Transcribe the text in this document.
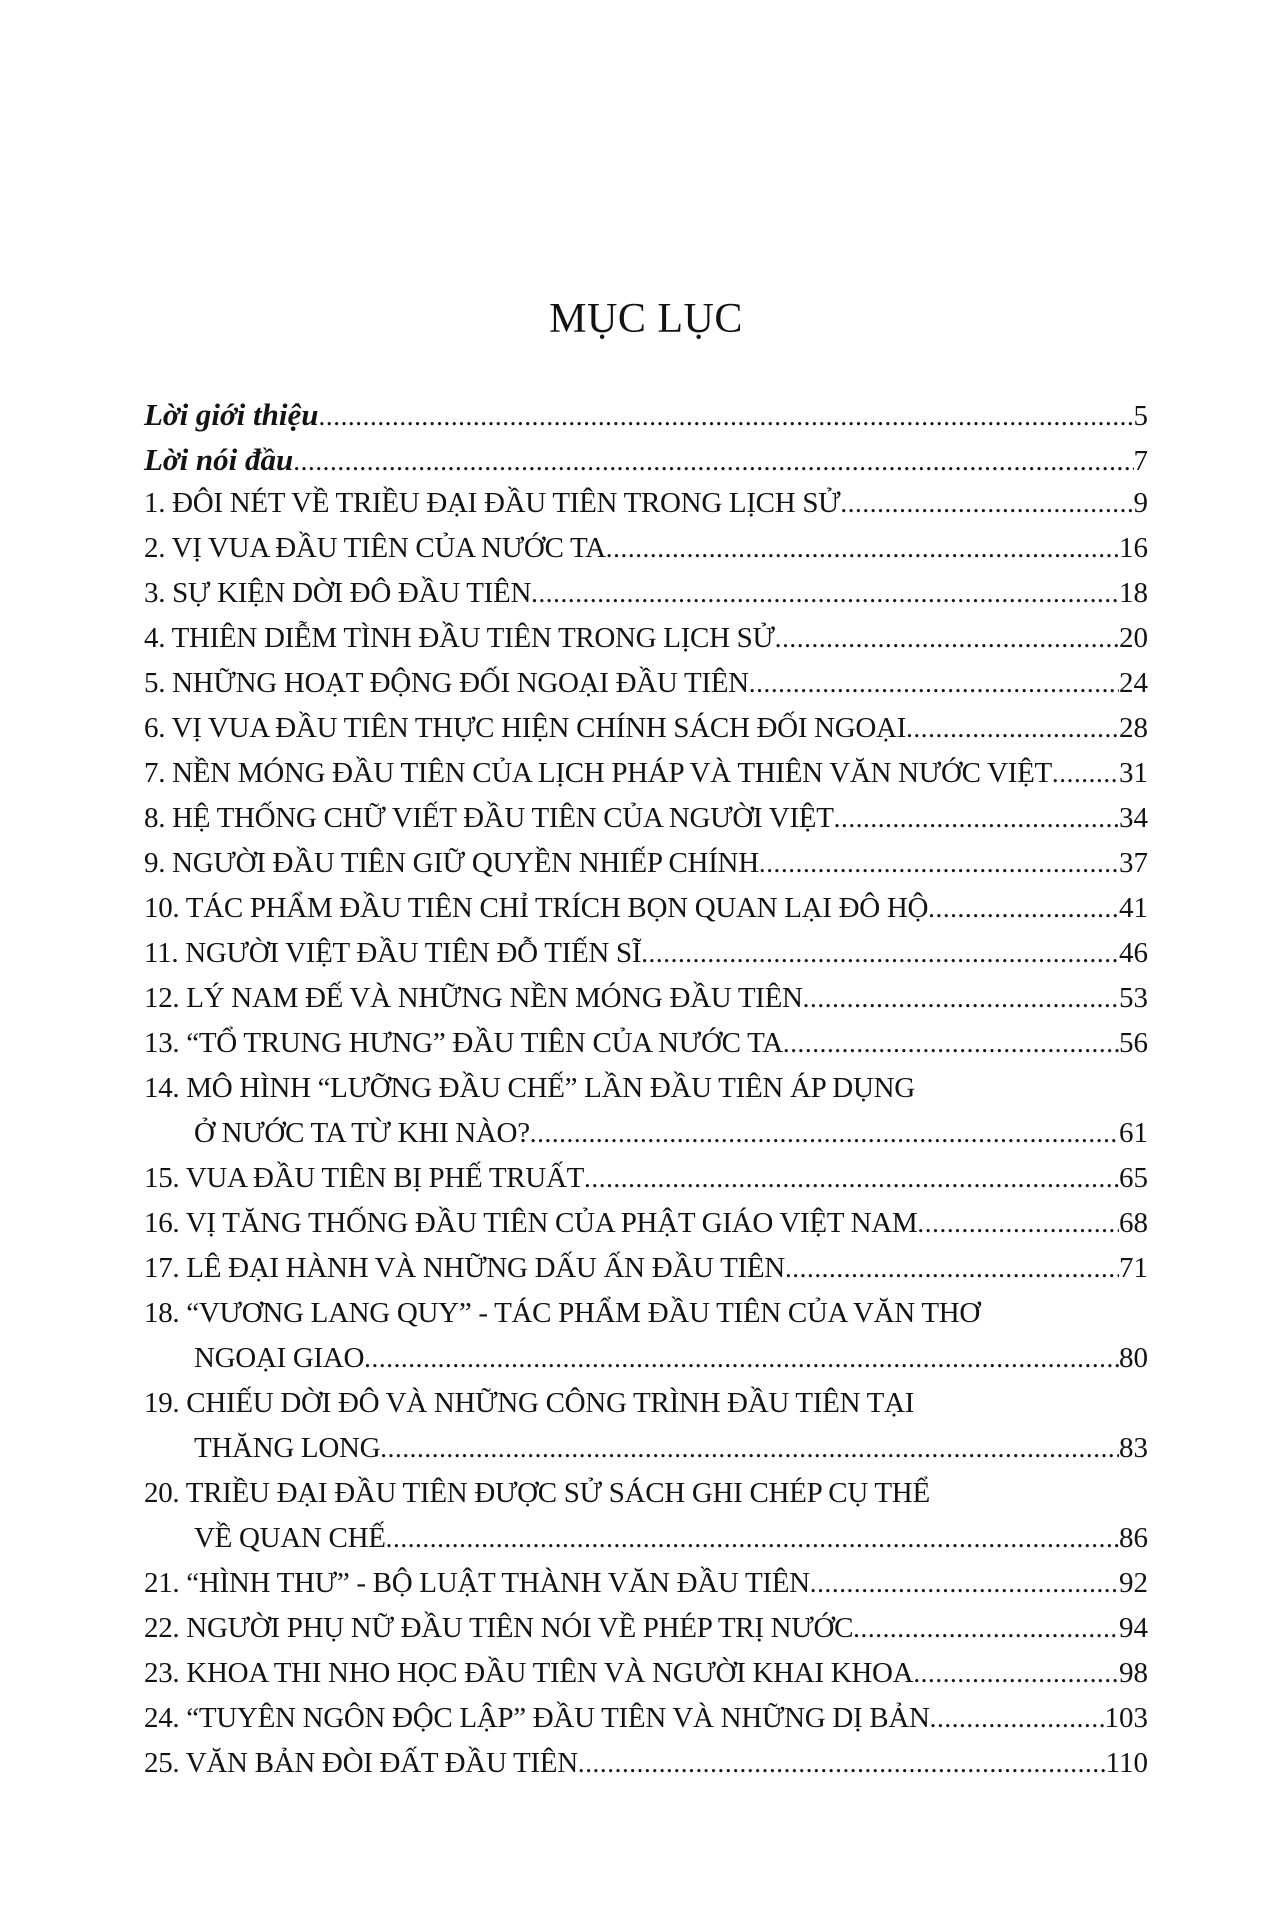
MỤC LỤC
Lời giới thiệu .....	5
Lời nói đầu .....	7
1. ĐÔI NÉT VỀ TRIỀU ĐẠI ĐẦU TIÊN TRONG LỊCH SỬ .....	9
2. VỊ VUA ĐẦU TIÊN CỦA NƯỚC TA .....	16
3. SỰ KIỆN DỜI ĐÔ ĐẦU TIÊN .....	18
4. THIÊN DIỄM TÌNH ĐẦU TIÊN TRONG LỊCH SỬ .....	20
5. NHỮNG HOẠT ĐỘNG ĐỐI NGOẠI ĐẦU TIÊN .....	24
6. VỊ VUA ĐẦU TIÊN THỰC HIỆN CHÍNH SÁCH ĐỐI NGOẠI .....	28
7. NỀN MÓNG ĐẦU TIÊN CỦA LỊCH PHÁP VÀ THIÊN VĂN NƯỚC VIỆT ..... 31
8. HỆ THỐNG CHỮ VIẾT ĐẦU TIÊN CỦA NGƯỜI VIỆT .....	34
9. NGƯỜI ĐẦU TIÊN GIỮ QUYỀN NHIẾP CHÍNH .....	37
10. TÁC PHẨM ĐẦU TIÊN CHỈ TRÍCH BỌN QUAN LẠI ĐÔ HỘ .....	41
11. NGƯỜI VIỆT ĐẦU TIÊN ĐỖ TIẾN SĨ .....	46
12. LÝ NAM ĐẾ VÀ NHỮNG NỀN MÓNG ĐẦU TIÊN .....	53
13. “TỔ TRUNG HƯNG” ĐẦU TIÊN CỦA NƯỚC TA .....	56
14. MÔ HÌNH “LƯỠNG ĐẦU CHẾ” LẦN ĐẦU TIÊN ÁP DỤNG
Ở NƯỚC TA TỪ KHI NÀO? .....	61
15. VUA ĐẦU TIÊN BỊ PHẾ TRUẤT .....	65
16. VỊ TĂNG THỐNG ĐẦU TIÊN CỦA PHẬT GIÁO VIỆT NAM .....	68
17. LÊ ĐẠI HÀNH VÀ NHỮNG DẤU ẤN ĐẦU TIÊN .....	71
18. “VƯƠNG LANG QUY” - TÁC PHẨM ĐẦU TIÊN CỦA VĂN THƠ
NGOẠI GIAO .....	80
19. CHIẾU DỜI ĐÔ VÀ NHỮNG CÔNG TRÌNH ĐẦU TIÊN TẠI
THĂNG LONG .....	83
20. TRIỀU ĐẠI ĐẦU TIÊN ĐƯỢC SỬ SÁCH GHI CHÉP CỤ THỂ
VỀ QUAN CHẾ .....	86
21. “HÌNH THƯ” - BỘ LUẬT THÀNH VĂN ĐẦU TIÊN .....	92
22. NGƯỜI PHỤ NỮ ĐẦU TIÊN NÓI VỀ PHÉP TRỊ NƯỚC .....	94
23. KHOA THI NHO HỌC ĐẦU TIÊN VÀ NGƯỜI KHAI KHOA .....	98
24. “TUYÊN NGÔN ĐỘC LẬP” ĐẦU TIÊN VÀ NHỮNG DỊ BẢN .....	103
25. VĂN BẢN ĐÒI ĐẤT ĐẦU TIÊN .....	110
